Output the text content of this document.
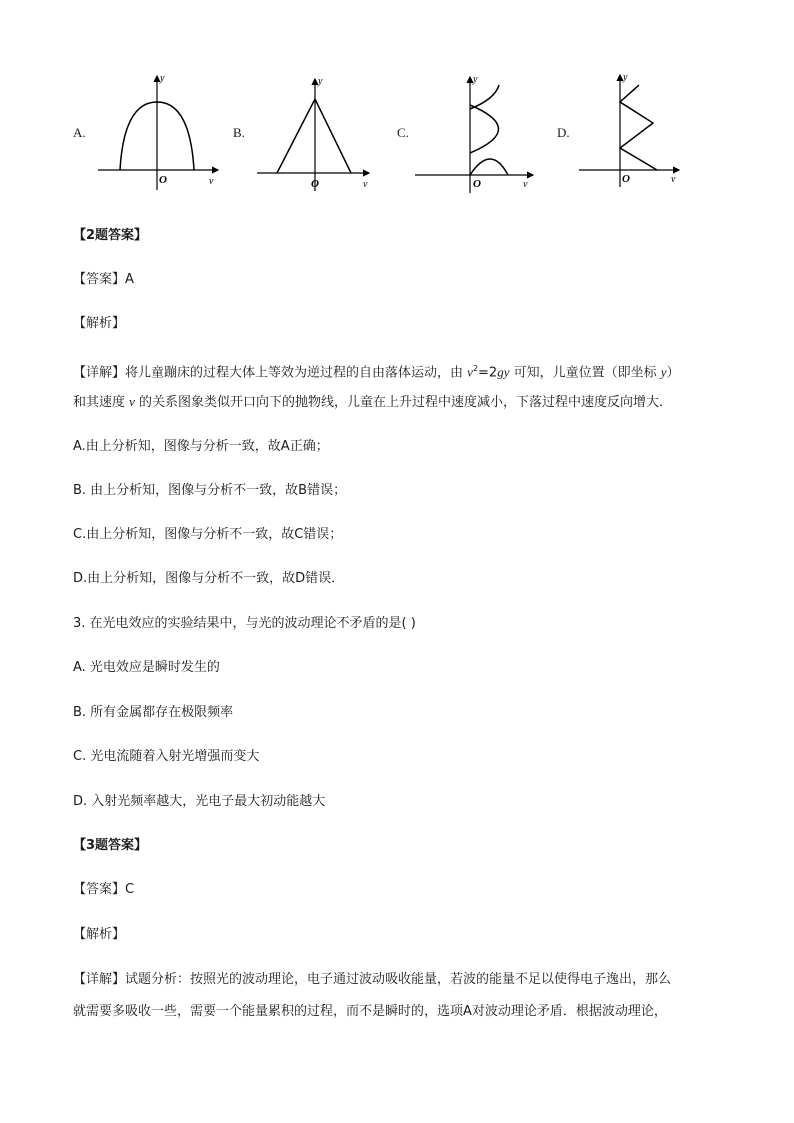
A.	B.	C.	D.
y
v
O
y
v
O
y
v
O
y
v
O
【2题答案】
【答案】A
【解析】
【详解】将儿童蹦床的过程大体上等效为逆过程的自由落体运动，由 $v^2=2gy$ 可知，儿童位置（即坐标 y）
和其速度 v 的关系图象类似开口向下的抛物线，儿童在上升过程中速度减小，下落过程中速度反向增大．
A.由上分析知，图像与分析一致，故A正确；
B. 由上分析知，图像与分析不一致，故B错误；
C.由上分析知，图像与分析不一致，故C错误；
D.由上分析知，图像与分析不一致，故D错误．
3. 在光电效应的实验结果中，与光的波动理论不矛盾的是( )
A. 光电效应是瞬时发生的
B. 所有金属都存在极限频率
C. 光电流随着入射光增强而变大
D. 入射光频率越大，光电子最大初动能越大
【3题答案】
【答案】C
【解析】
【详解】试题分析：按照光的波动理论，电子通过波动吸收能量，若波的能量不足以使得电子逸出，那么
就需要多吸收一些，需要一个能量累积的过程，而不是瞬时的，选项A对波动理论矛盾．根据波动理论，
